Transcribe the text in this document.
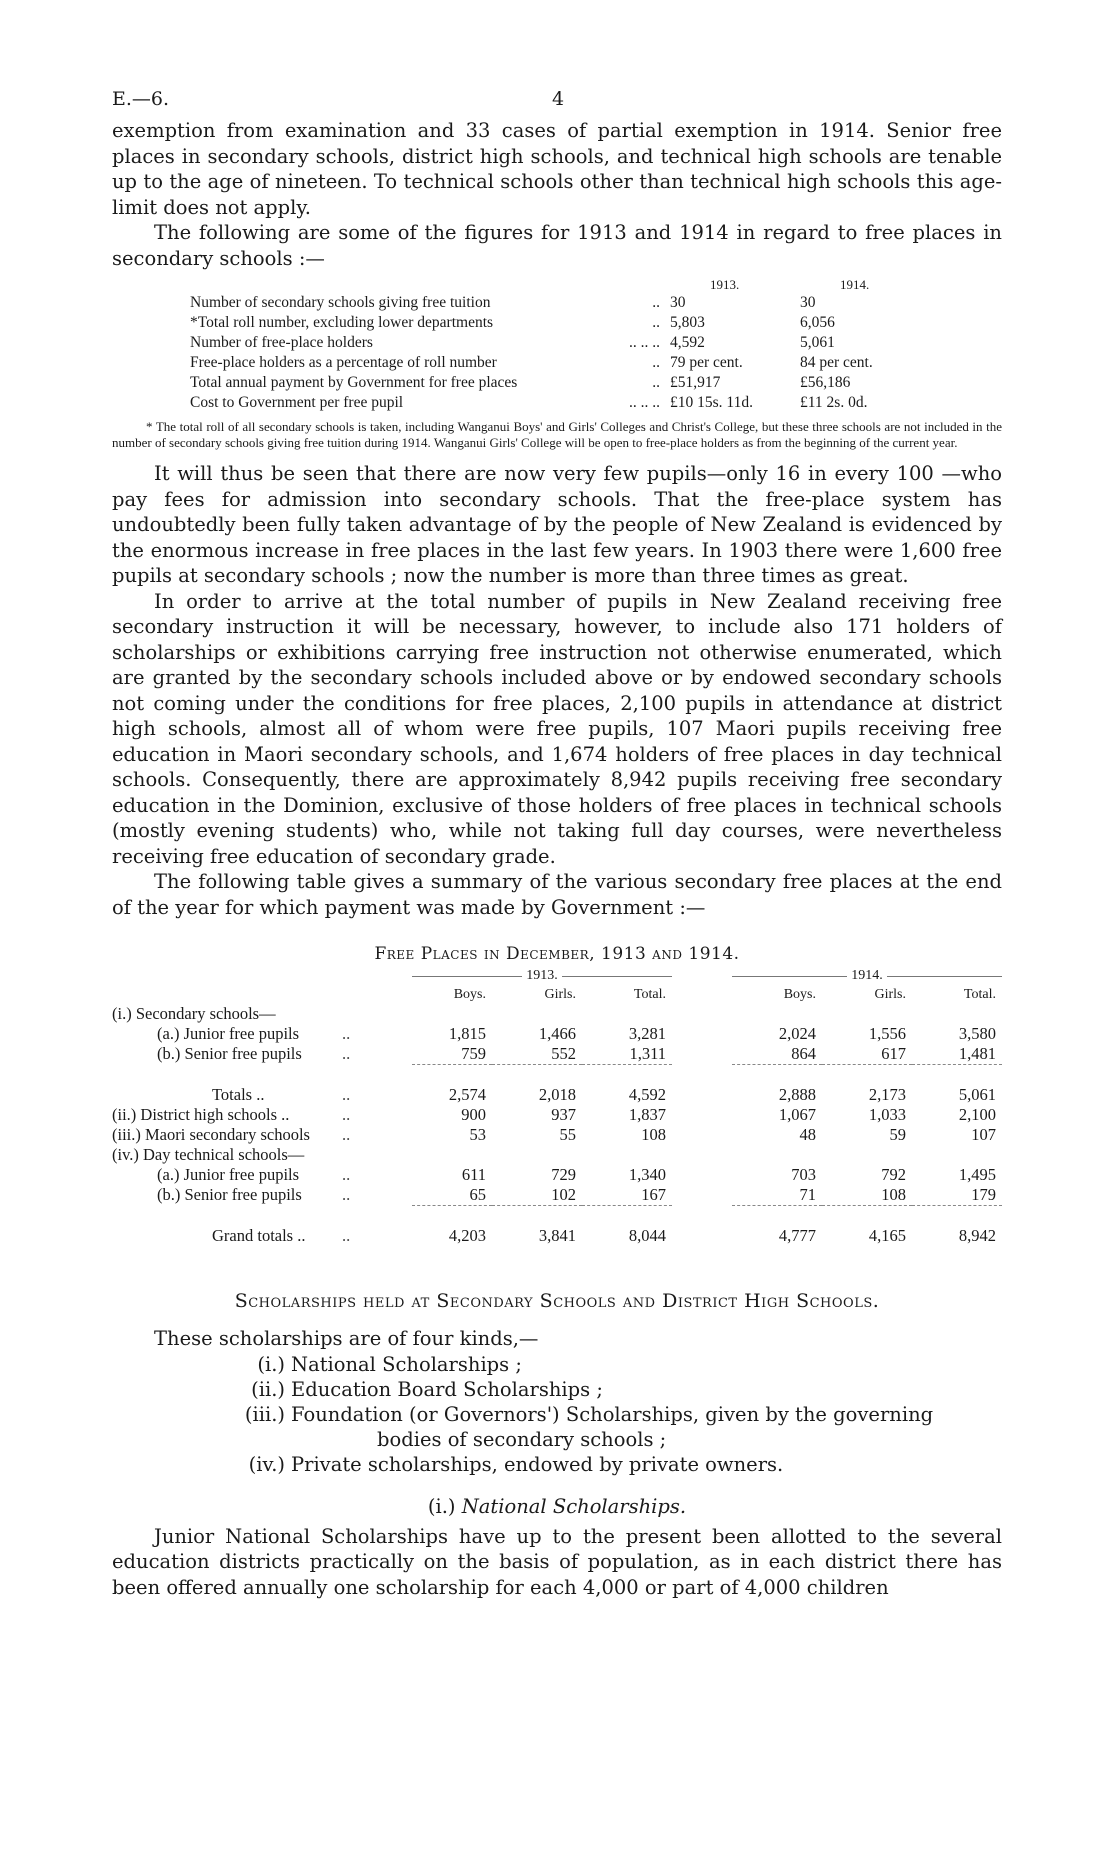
E.—6.	4

exemption from examination and 33 cases of partial exemption in 1914. Senior free places in secondary schools, district high schools, and technical high schools are tenable up to the age of nineteen. To technical schools other than technical high schools this age-limit does not apply.

The following are some of the figures for 1913 and 1914 in regard to free places in secondary schools :—

1913.	1914.
Number of secondary schools giving free tuition	.. 30	30
*Total roll number, excluding lower departments	.. 5,803	6,056
Number of free-place holders	.. .. .. 4,592	5,061
Free-place holders as a percentage of roll number	.. 79 per cent.	84 per cent.
Total annual payment by Government for free places	.. £51,917	£56,186
Cost to Government per free pupil	.. .. .. £10 15s. 11d.	£11 2s. 0d.
* The total roll of all secondary schools is taken, including Wanganui Boys' and Girls' Colleges and Christ's College, but these three schools are not included in the number of secondary schools giving free tuition during 1914. Wanganui Girls' College will be open to free-place holders as from the beginning of the current year.

It will thus be seen that there are now very few pupils—only 16 in every 100 —who pay fees for admission into secondary schools. That the free-place system has undoubtedly been fully taken advantage of by the people of New Zealand is evidenced by the enormous increase in free places in the last few years. In 1903 there were 1,600 free pupils at secondary schools ; now the number is more than three times as great.

In order to arrive at the total number of pupils in New Zealand receiving free secondary instruction it will be necessary, however, to include also 171 holders of scholarships or exhibitions carrying free instruction not otherwise enumerated, which are granted by the secondary schools included above or by endowed secondary schools not coming under the conditions for free places, 2,100 pupils in attendance at district high schools, almost all of whom were free pupils, 107 Maori pupils receiving free education in Maori secondary schools, and 1,674 holders of free places in day technical schools. Consequently, there are approximately 8,942 pupils receiving free secondary education in the Dominion, exclusive of those holders of free places in technical schools (mostly evening students) who, while not taking full day courses, were nevertheless receiving free education of secondary grade.

The following table gives a summary of the various secondary free places at the end of the year for which payment was made by Government :—

Free Places in December, 1913 and 1914.
		1913.				1914.		
		Boys.	Girls.	Total.		Boys.	Girls.	Total.
(i.) Secondary schools—								
(a.) Junior free pupils	..	1,815	1,466	3,281		2,024	1,556	3,580
(b.) Senior free pupils	..	759	552	1,311		864	617	1,481

Totals ..	..	2,574	2,018	4,592		2,888	2,173	5,061
(ii.) District high schools ..	..	900	937	1,837		1,067	1,033	2,100
(iii.) Maori secondary schools	..	53	55	108		48	59	107
(iv.) Day technical schools—								
(a.) Junior free pupils	..	611	729	1,340		703	792	1,495
(b.) Senior free pupils	..	65	102	167		71	108	179

Grand totals ..	..	4,203	3,841	8,044		4,777	4,165	8,942
Scholarships held at Secondary Schools and District High Schools.

These scholarships are of four kinds,—

(i.) National Scholarships ;
(ii.) Education Board Scholarships ;
(iii.) Foundation (or Governors') Scholarships, given by the governing
bodies of secondary schools ;
(iv.) Private scholarships, endowed by private owners.
(i.) National Scholarships.

Junior National Scholarships have up to the present been allotted to the several education districts practically on the basis of population, as in each district there has been offered annually one scholarship for each 4,000 or part of 4,000 children
